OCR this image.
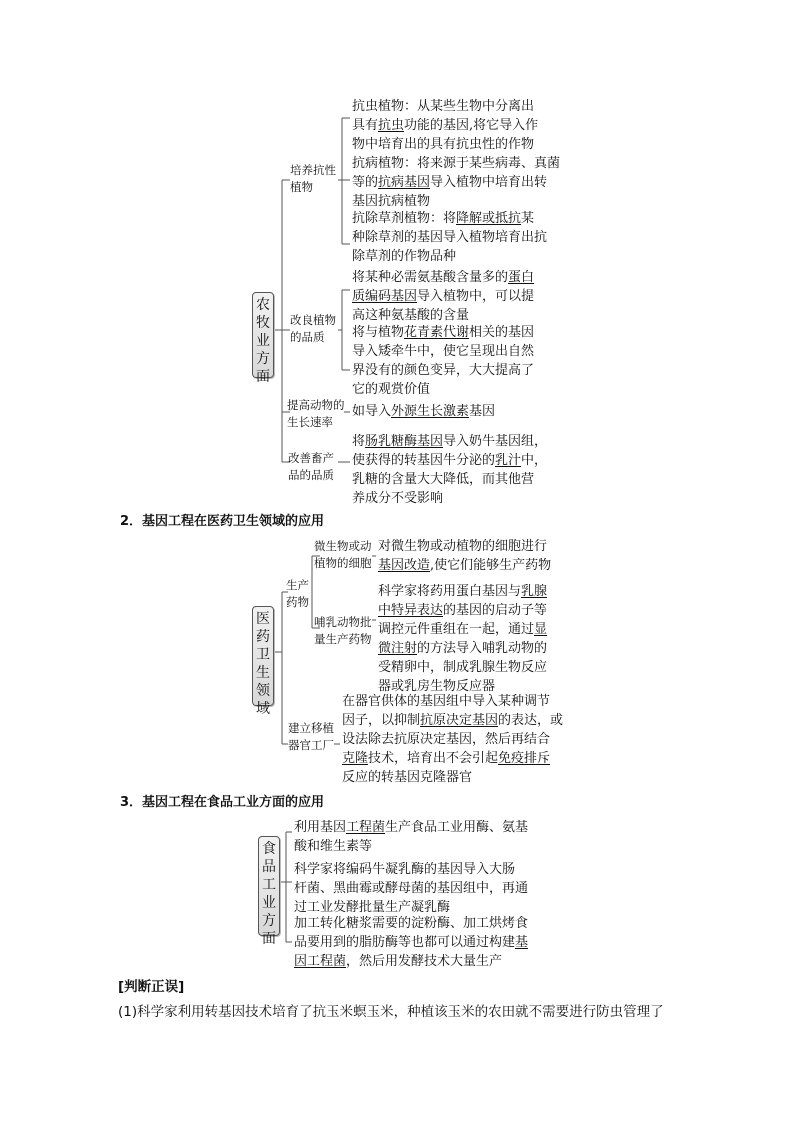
农牧业方面
培养抗性植物
改良植物的品质
提高动物的生长速率
改善畜产品的品质
抗虫植物：从某些生物中分离出
具有抗虫功能的基因,将它导入作
物中培育出的具有抗虫性的作物
抗病植物：将来源于某些病毒、真菌
等的抗病基因导入植物中培育出转
基因抗病植物
抗除草剂植物：将降解或抵抗某
种除草剂的基因导入植物培育出抗
除草剂的作物品种
将某种必需氨基酸含量多的蛋白
质编码基因导入植物中，可以提
高这种氨基酸的含量
将与植物花青素代谢相关的基因
导入矮牵牛中，使它呈现出自然
界没有的颜色变异，大大提高了
它的观赏价值
如导入外源生长激素基因
将肠乳糖酶基因导入奶牛基因组，
使获得的转基因牛分泌的乳汁中，
乳糖的含量大大降低，而其他营
养成分不受影响
2．基因工程在医药卫生领域的应用
医药卫生领域
生产药物
微生物或动植物的细胞
哺乳动物批量生产药物
建立移植器官工厂
对微生物或动植物的细胞进行
基因改造,使它们能够生产药物
科学家将药用蛋白基因与乳腺
中特异表达的基因的启动子等
调控元件重组在一起，通过显
微注射的方法导入哺乳动物的
受精卵中，制成乳腺生物反应
器或乳房生物反应器
在器官供体的基因组中导入某种调节
因子，以抑制抗原决定基因的表达，或
设法除去抗原决定基因，然后再结合
克隆技术，培育出不会引起免疫排斥
反应的转基因克隆器官
3．基因工程在食品工业方面的应用
食品工业方面
利用基因工程菌生产食品工业用酶、氨基
酸和维生素等
科学家将编码牛凝乳酶的基因导入大肠
杆菌、黑曲霉或酵母菌的基因组中，再通
过工业发酵批量生产凝乳酶
加工转化糖浆需要的淀粉酶、加工烘烤食
品要用到的脂肪酶等也都可以通过构建基
因工程菌，然后用发酵技术大量生产
[判断正误]
(1)科学家利用转基因技术培育了抗玉米螟玉米，种植该玉米的农田就不需要进行防虫管理了
